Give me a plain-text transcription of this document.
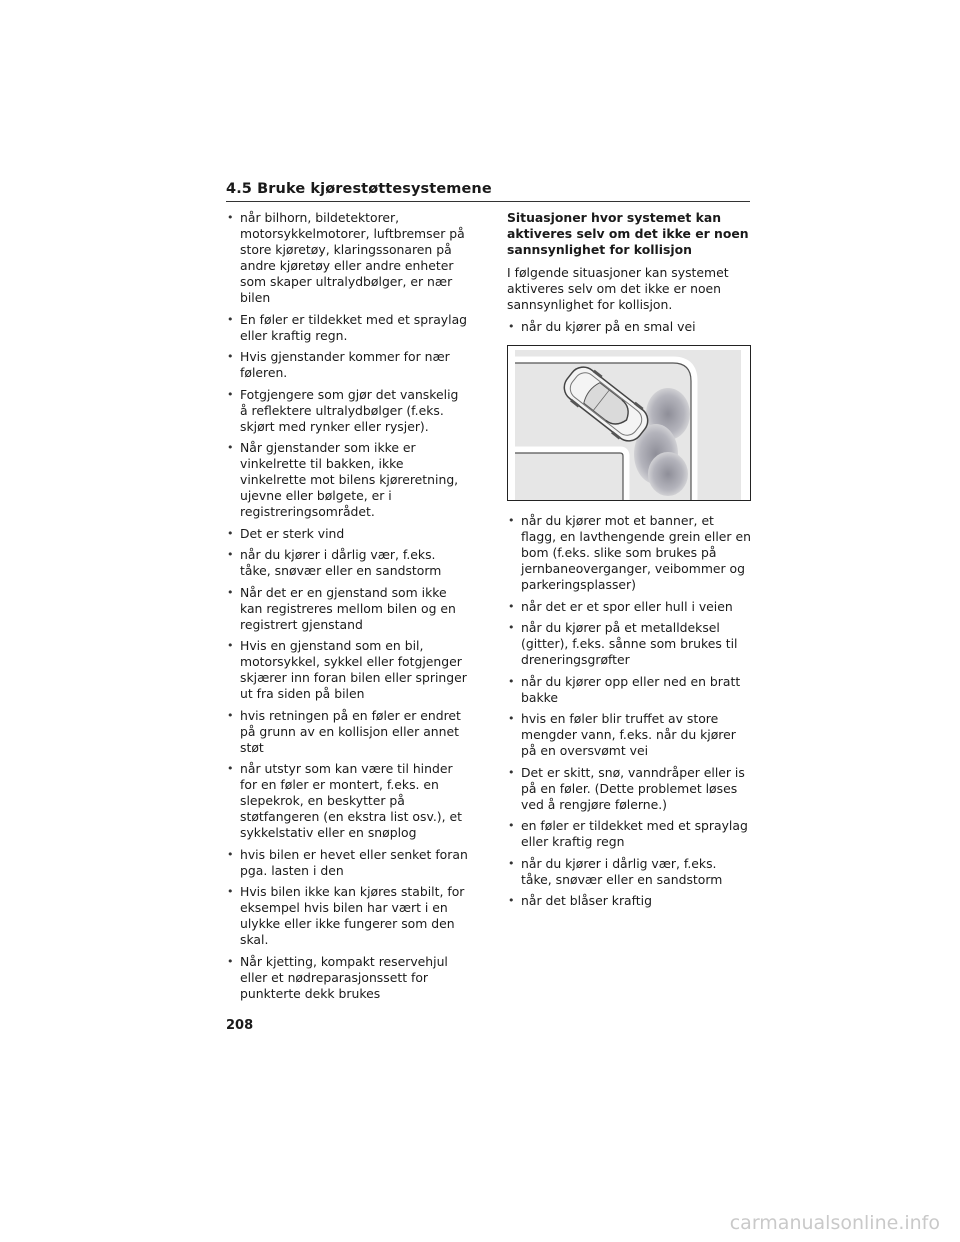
4.5 Bruke kjørestøttesystemene
• når bilhorn, bildetektorer, motorsykkelmotorer, luftbremser på store kjøretøy, klaringssonaren på andre kjøretøy eller andre enheter som skaper ultralydbølger, er nær bilen
• En føler er tildekket med et spraylag eller kraftig regn.
• Hvis gjenstander kommer for nær føleren.
• Fotgjengere som gjør det vanskelig å reflektere ultralydbølger (f.eks. skjørt med rynker eller rysjer).
• Når gjenstander som ikke er vinkelrette til bakken, ikke vinkelrette mot bilens kjøreretning, ujevne eller bølgete, er i registreringsområdet.
• Det er sterk vind
• når du kjører i dårlig vær, f.eks. tåke, snøvær eller en sandstorm
• Når det er en gjenstand som ikke kan registreres mellom bilen og en registrert gjenstand
• Hvis en gjenstand som en bil, motorsykkel, sykkel eller fotgjenger skjærer inn foran bilen eller springer ut fra siden på bilen
• hvis retningen på en føler er endret på grunn av en kollisjon eller annet støt
• når utstyr som kan være til hinder for en føler er montert, f.eks. en slepekrok, en beskytter på støtfangeren (en ekstra list osv.), et sykkelstativ eller en snøplog
• hvis bilen er hevet eller senket foran pga. lasten i den
• Hvis bilen ikke kan kjøres stabilt, for eksempel hvis bilen har vært i en ulykke eller ikke fungerer som den skal.
• Når kjetting, kompakt reservehjul eller et nødreparasjonssett for punkterte dekk brukes
Situasjoner hvor systemet kan aktiveres selv om det ikke er noen sannsynlighet for kollisjon
I følgende situasjoner kan systemet aktiveres selv om det ikke er noen sannsynlighet for kollisjon.
• når du kjører på en smal vei
• når du kjører mot et banner, et flagg, en lavthengende grein eller en bom (f.eks. slike som brukes på jernbaneoverganger, veibommer og parkeringsplasser)
• når det er et spor eller hull i veien
• når du kjører på et metalldeksel (gitter), f.eks. sånne som brukes til dreneringsgrøfter
• når du kjører opp eller ned en bratt bakke
• hvis en føler blir truffet av store mengder vann, f.eks. når du kjører på en oversvømt vei
• Det er skitt, snø, vanndråper eller is på en føler. (Dette problemet løses ved å rengjøre følerne.)
• en føler er tildekket med et spraylag eller kraftig regn
• når du kjører i dårlig vær, f.eks. tåke, snøvær eller en sandstorm
• når det blåser kraftig
208
carmanualsonline.info
